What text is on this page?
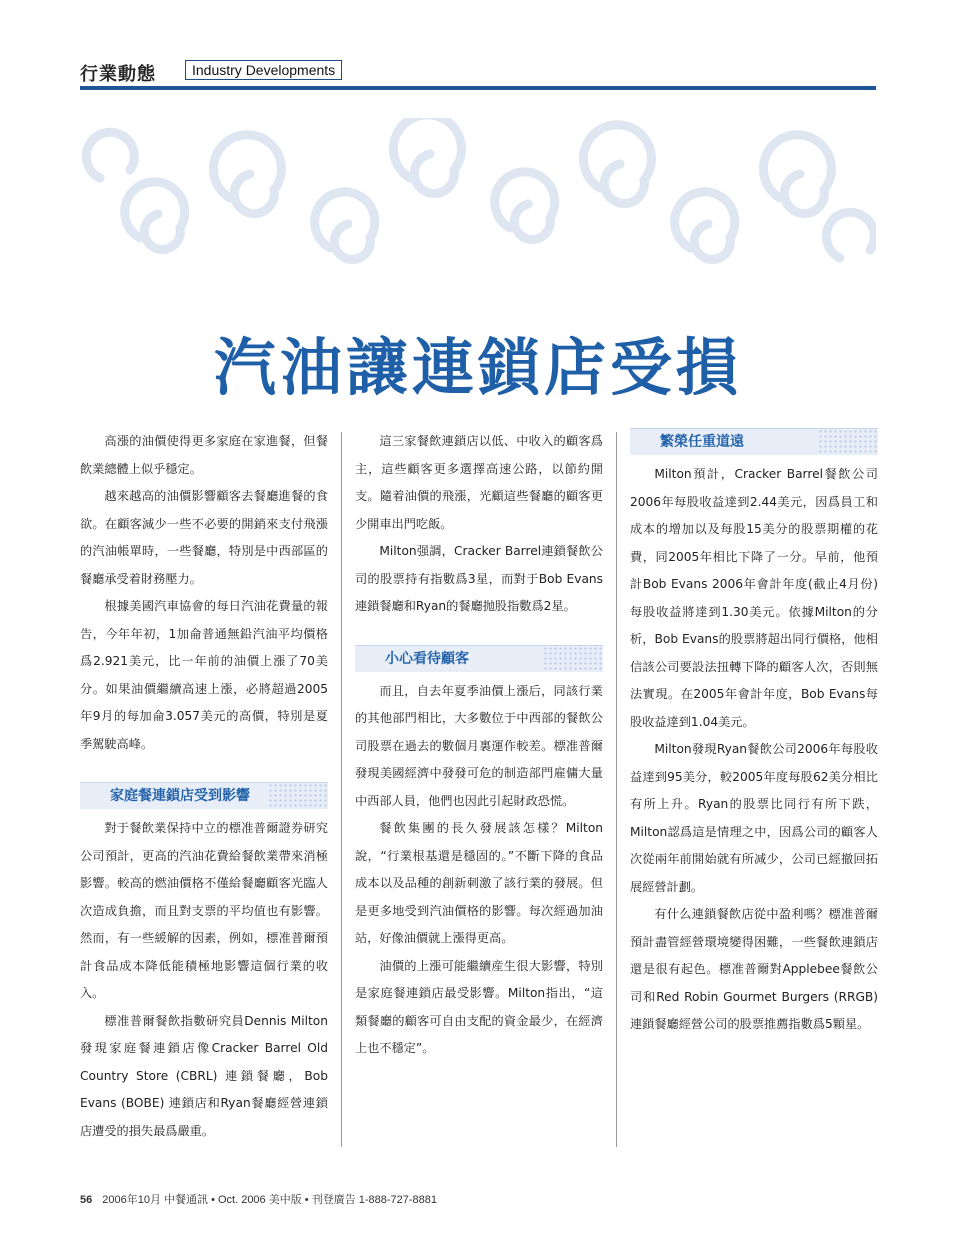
行業動態	Industry Developments
汽油讓連鎖店受損

高漲的油價使得更多家庭在家進餐，但餐飲業總體上似乎穩定。

越來越高的油價影響顧客去餐廳進餐的食欲。在顧客減少一些不必要的開銷來支付飛漲的汽油帳單時，一些餐廳，特別是中西部區的餐廳承受着財務壓力。

根據美國汽車協會的每日汽油花費量的報告，今年年初，1加侖普通無鉛汽油平均價格爲2.921美元，比一年前的油價上漲了70美分。如果油價繼續高速上漲，必將超過2005年9月的每加侖3.057美元的高價，特別是夏季駕駛高峰。

家庭餐連鎖店受到影響

對于餐飲業保持中立的標准普爾證券研究公司預計，更高的汽油花費給餐飲業帶來消極影響。較高的燃油價格不僅給餐廳顧客光臨人次造成負擔，而且對支票的平均值也有影響。然而，有一些緩解的因素，例如，標准普爾預計食品成本降低能積極地影響這個行業的收入。

標准普爾餐飲指數研究員Dennis Milton發現家庭餐連鎖店像Cracker Barrel Old Country Store (CBRL) 連鎖餐廳，Bob Evans (BOBE) 連鎖店和Ryan餐廳經營連鎖店遭受的損失最爲嚴重。

這三家餐飲連鎖店以低、中收入的顧客爲主，這些顧客更多選擇高速公路，以節約開支。隨着油價的飛漲，光顧這些餐廳的顧客更少開車出門吃飯。

Milton强調，Cracker Barrel連鎖餐飲公司的股票持有指數爲3星，而對于Bob Evans連鎖餐廳和Ryan的餐廳抛股指數爲2星。

小心看待顧客

而且，自去年夏季油價上漲后，同該行業的其他部門相比，大多數位于中西部的餐飲公司股票在過去的數個月裏運作較差。標准普爾發現美國經濟中發發可危的制造部門雇傭大量中西部人員，他們也因此引起財政恐慌。

餐飲集團的長久發展該怎樣？Milton說，“行業根基還是穩固的。”不斷下降的食品成本以及品種的創新刺激了該行業的發展。但是更多地受到汽油價格的影響。每次經過加油站，好像油價就上漲得更高。

油價的上漲可能繼續産生很大影響，特別是家庭餐連鎖店最受影響。Milton指出，“這類餐廳的顧客可自由支配的資金最少，在經濟上也不穩定”。

繁榮任重道遠

Milton預計，Cracker Barrel餐飲公司2006年每股收益達到2.44美元，因爲員工和成本的增加以及每股15美分的股票期權的花費，同2005年相比下降了一分。早前，他預計Bob Evans 2006年會計年度(截止4月份)每股收益將達到1.30美元。依據Milton的分析，Bob Evans的股票將超出同行價格，他相信該公司要設法扭轉下降的顧客人次，否則無法實現。在2005年會計年度，Bob Evans每股收益達到1.04美元。

Milton發現Ryan餐飲公司2006年每股收益達到95美分，較2005年度每股62美分相比有所上升。Ryan的股票比同行有所下跌，Milton認爲這是情理之中，因爲公司的顧客人次從兩年前開始就有所减少，公司已經撤回拓展經營計劃。

有什么連鎖餐飲店從中盈利嗎？標准普爾預計盡管經營環境變得困難，一些餐飲連鎖店還是很有起色。標准普爾對Applebee餐飲公司和Red Robin Gourmet Burgers (RRGB)連鎖餐廳經營公司的股票推薦指數爲5顆星。

56 2006年10月 中餐通訊 • Oct. 2006 美中版 • 刊登廣告 1-888-727-8881
